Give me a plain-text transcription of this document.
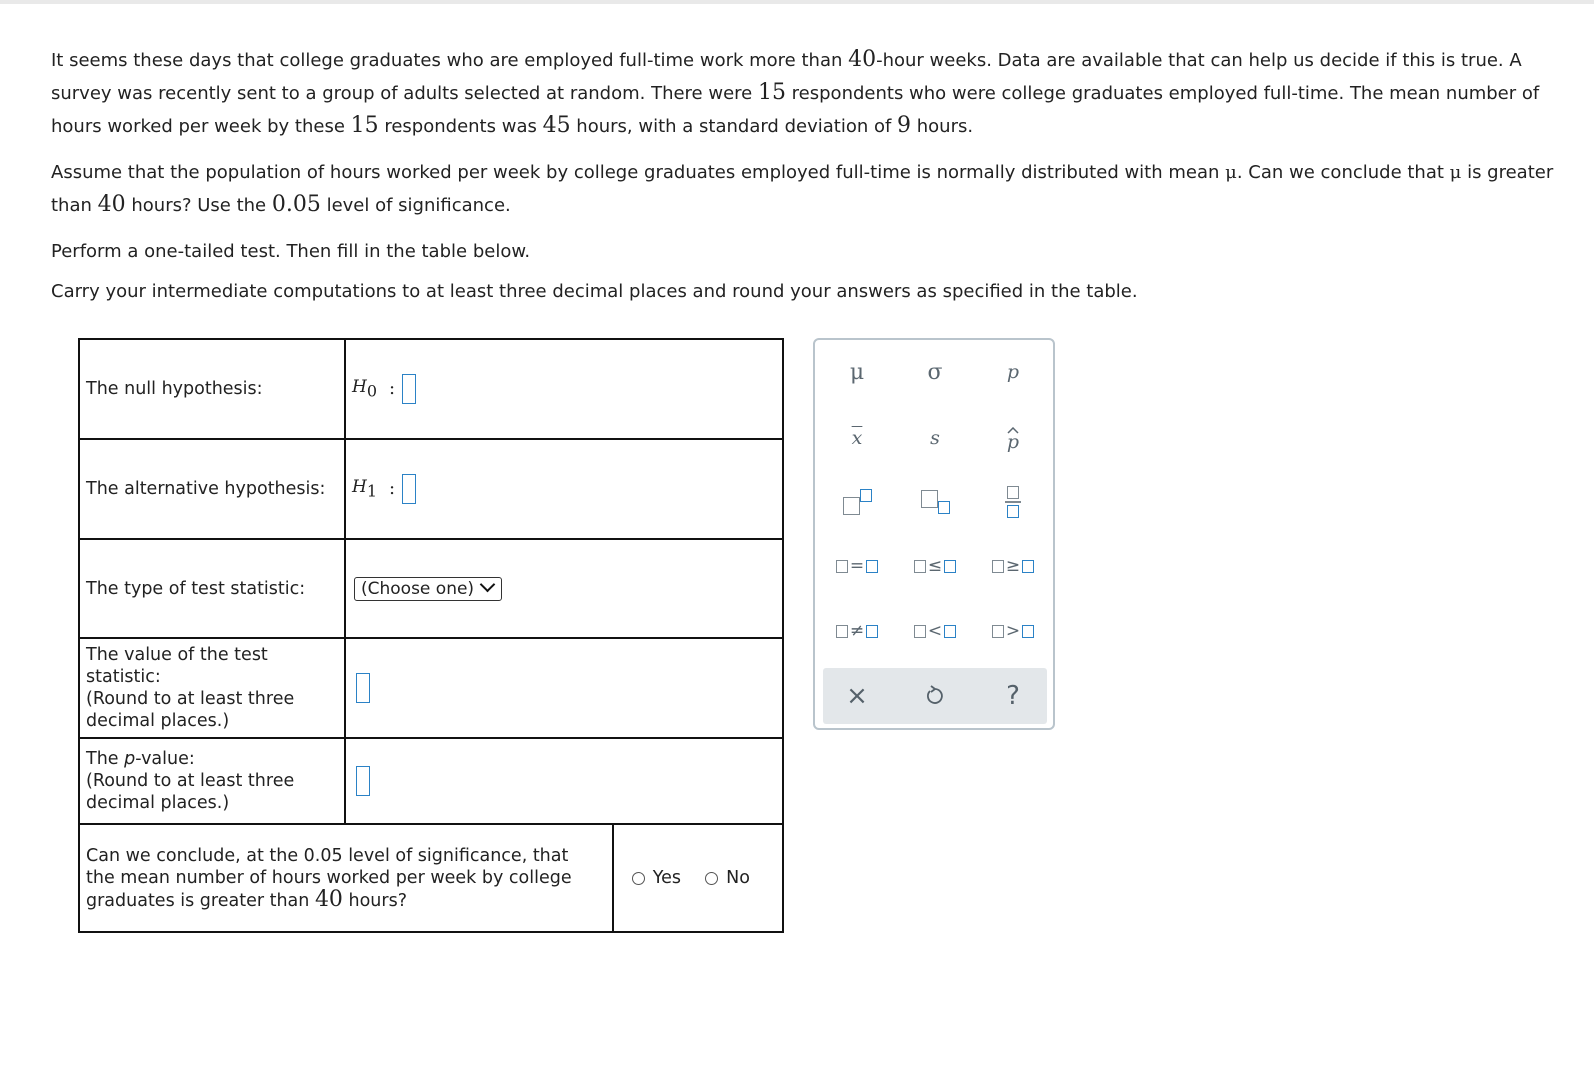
It seems these days that college graduates who are employed full-time work more than 40-hour weeks. Data are available that can help us decide if this is true. A survey was recently sent to a group of adults selected at random. There were 15 respondents who were college graduates employed full-time. The mean number of hours worked per week by these 15 respondents was 45 hours, with a standard deviation of 9 hours.

Assume that the population of hours worked per week by college graduates employed full-time is normally distributed with mean μ. Can we conclude that μ is greater than 40 hours? Use the 0.05 level of significance.

Perform a one-tailed test. Then fill in the table below.

Carry your intermediate computations to at least three decimal places and round your answers as specified in the table.

The null hypothesis:	$H_0$ :	

The alternative hypothesis:	$H_1$ :	

The type of test statistic:	(Choose one)	
The value of the test statistic:
(Round to at least three decimal places.)		
The p-value:
(Round to at least three decimal places.)		
Can we conclude, at the 0.05 level of significance, that the mean number of hours worked per week by college graduates is greater than 40 hours?		Yes No
μ	σ	p
$\overline{x}$	s	p
=	≤	≥
≠	<	>
×	?
